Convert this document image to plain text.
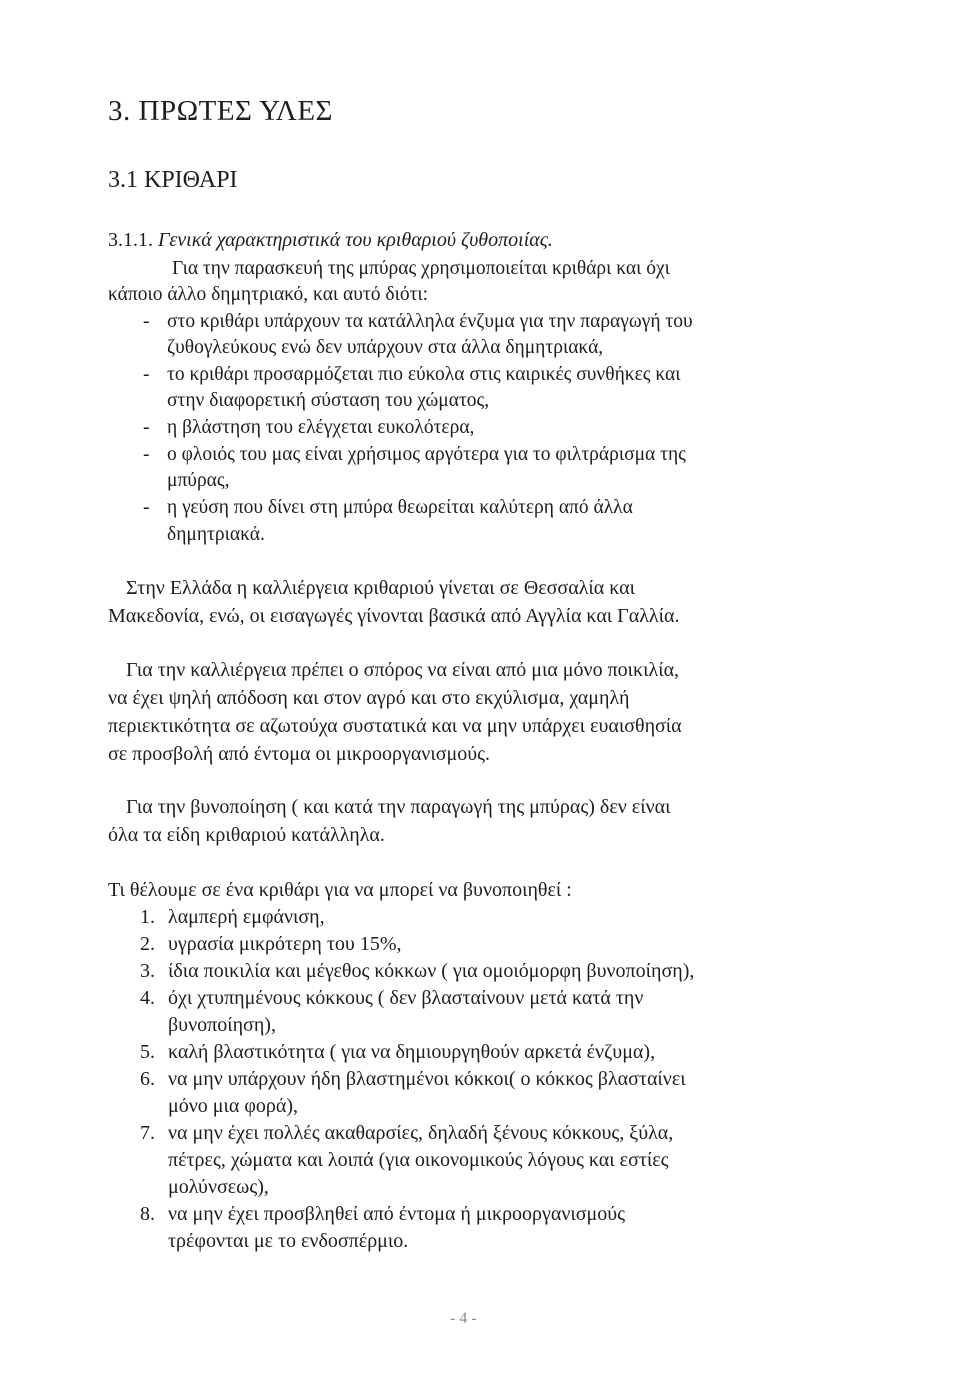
3. ΠΡΩΤΕΣ ΥΛΕΣ
3.1 ΚΡΙΘΑΡΙ
3.1.1. Γενικά χαρακτηριστικά του κριθαριού ζυθοποιίας.
Για την παρασκευή της μπύρας χρησιμοποιείται κριθάρι και όχι
κάποιο άλλο δημητριακό, και αυτό διότι:
- στο κριθάρι υπάρχουν τα κατάλληλα ένζυμα για την παραγωγή του
ζυθογλεύκους ενώ δεν υπάρχουν στα άλλα δημητριακά,
- το κριθάρι προσαρμόζεται πιο εύκολα στις καιρικές συνθήκες και
στην διαφορετική σύσταση του χώματος,
- η βλάστηση του ελέγχεται ευκολότερα,
- ο φλοιός του μας είναι χρήσιμος αργότερα για το φιλτράρισμα της
μπύρας,
- η γεύση που δίνει στη μπύρα θεωρείται καλύτερη από άλλα
δημητριακά.
Στην Ελλάδα η καλλιέργεια κριθαριού γίνεται σε Θεσσαλία και
Μακεδονία, ενώ, οι εισαγωγές γίνονται βασικά από Αγγλία και Γαλλία.
Για την καλλιέργεια πρέπει ο σπόρος να είναι από μια μόνο ποικιλία,
να έχει ψηλή απόδοση και στον αγρό και στο εκχύλισμα, χαμηλή
περιεκτικότητα σε αζωτούχα συστατικά και να μην υπάρχει ευαισθησία
σε προσβολή από έντομα οι μικροοργανισμούς.
Για την βυνοποίηση ( και κατά την παραγωγή της μπύρας) δεν είναι
όλα τα είδη κριθαριού κατάλληλα.
Τι θέλουμε σε ένα κριθάρι για να μπορεί να βυνοποιηθεί :
1. λαμπερή εμφάνιση,
2. υγρασία μικρότερη του 15%,
3. ίδια ποικιλία και μέγεθος κόκκων ( για ομοιόμορφη βυνοποίηση),
4. όχι χτυπημένους κόκκους ( δεν βλασταίνουν μετά κατά την
βυνοποίηση),
5. καλή βλαστικότητα ( για να δημιουργηθούν αρκετά ένζυμα),
6. να μην υπάρχουν ήδη βλαστημένοι κόκκοι( ο κόκκος βλασταίνει
μόνο μια φορά),
7. να μην έχει πολλές ακαθαρσίες, δηλαδή ξένους κόκκους, ξύλα,
πέτρες, χώματα και λοιπά (για οικονομικούς λόγους και εστίες
μολύνσεως),
8. να μην έχει προσβληθεί από έντομα ή μικροοργανισμούς
τρέφονται με το ενδοσπέρμιο.
- 4 -
